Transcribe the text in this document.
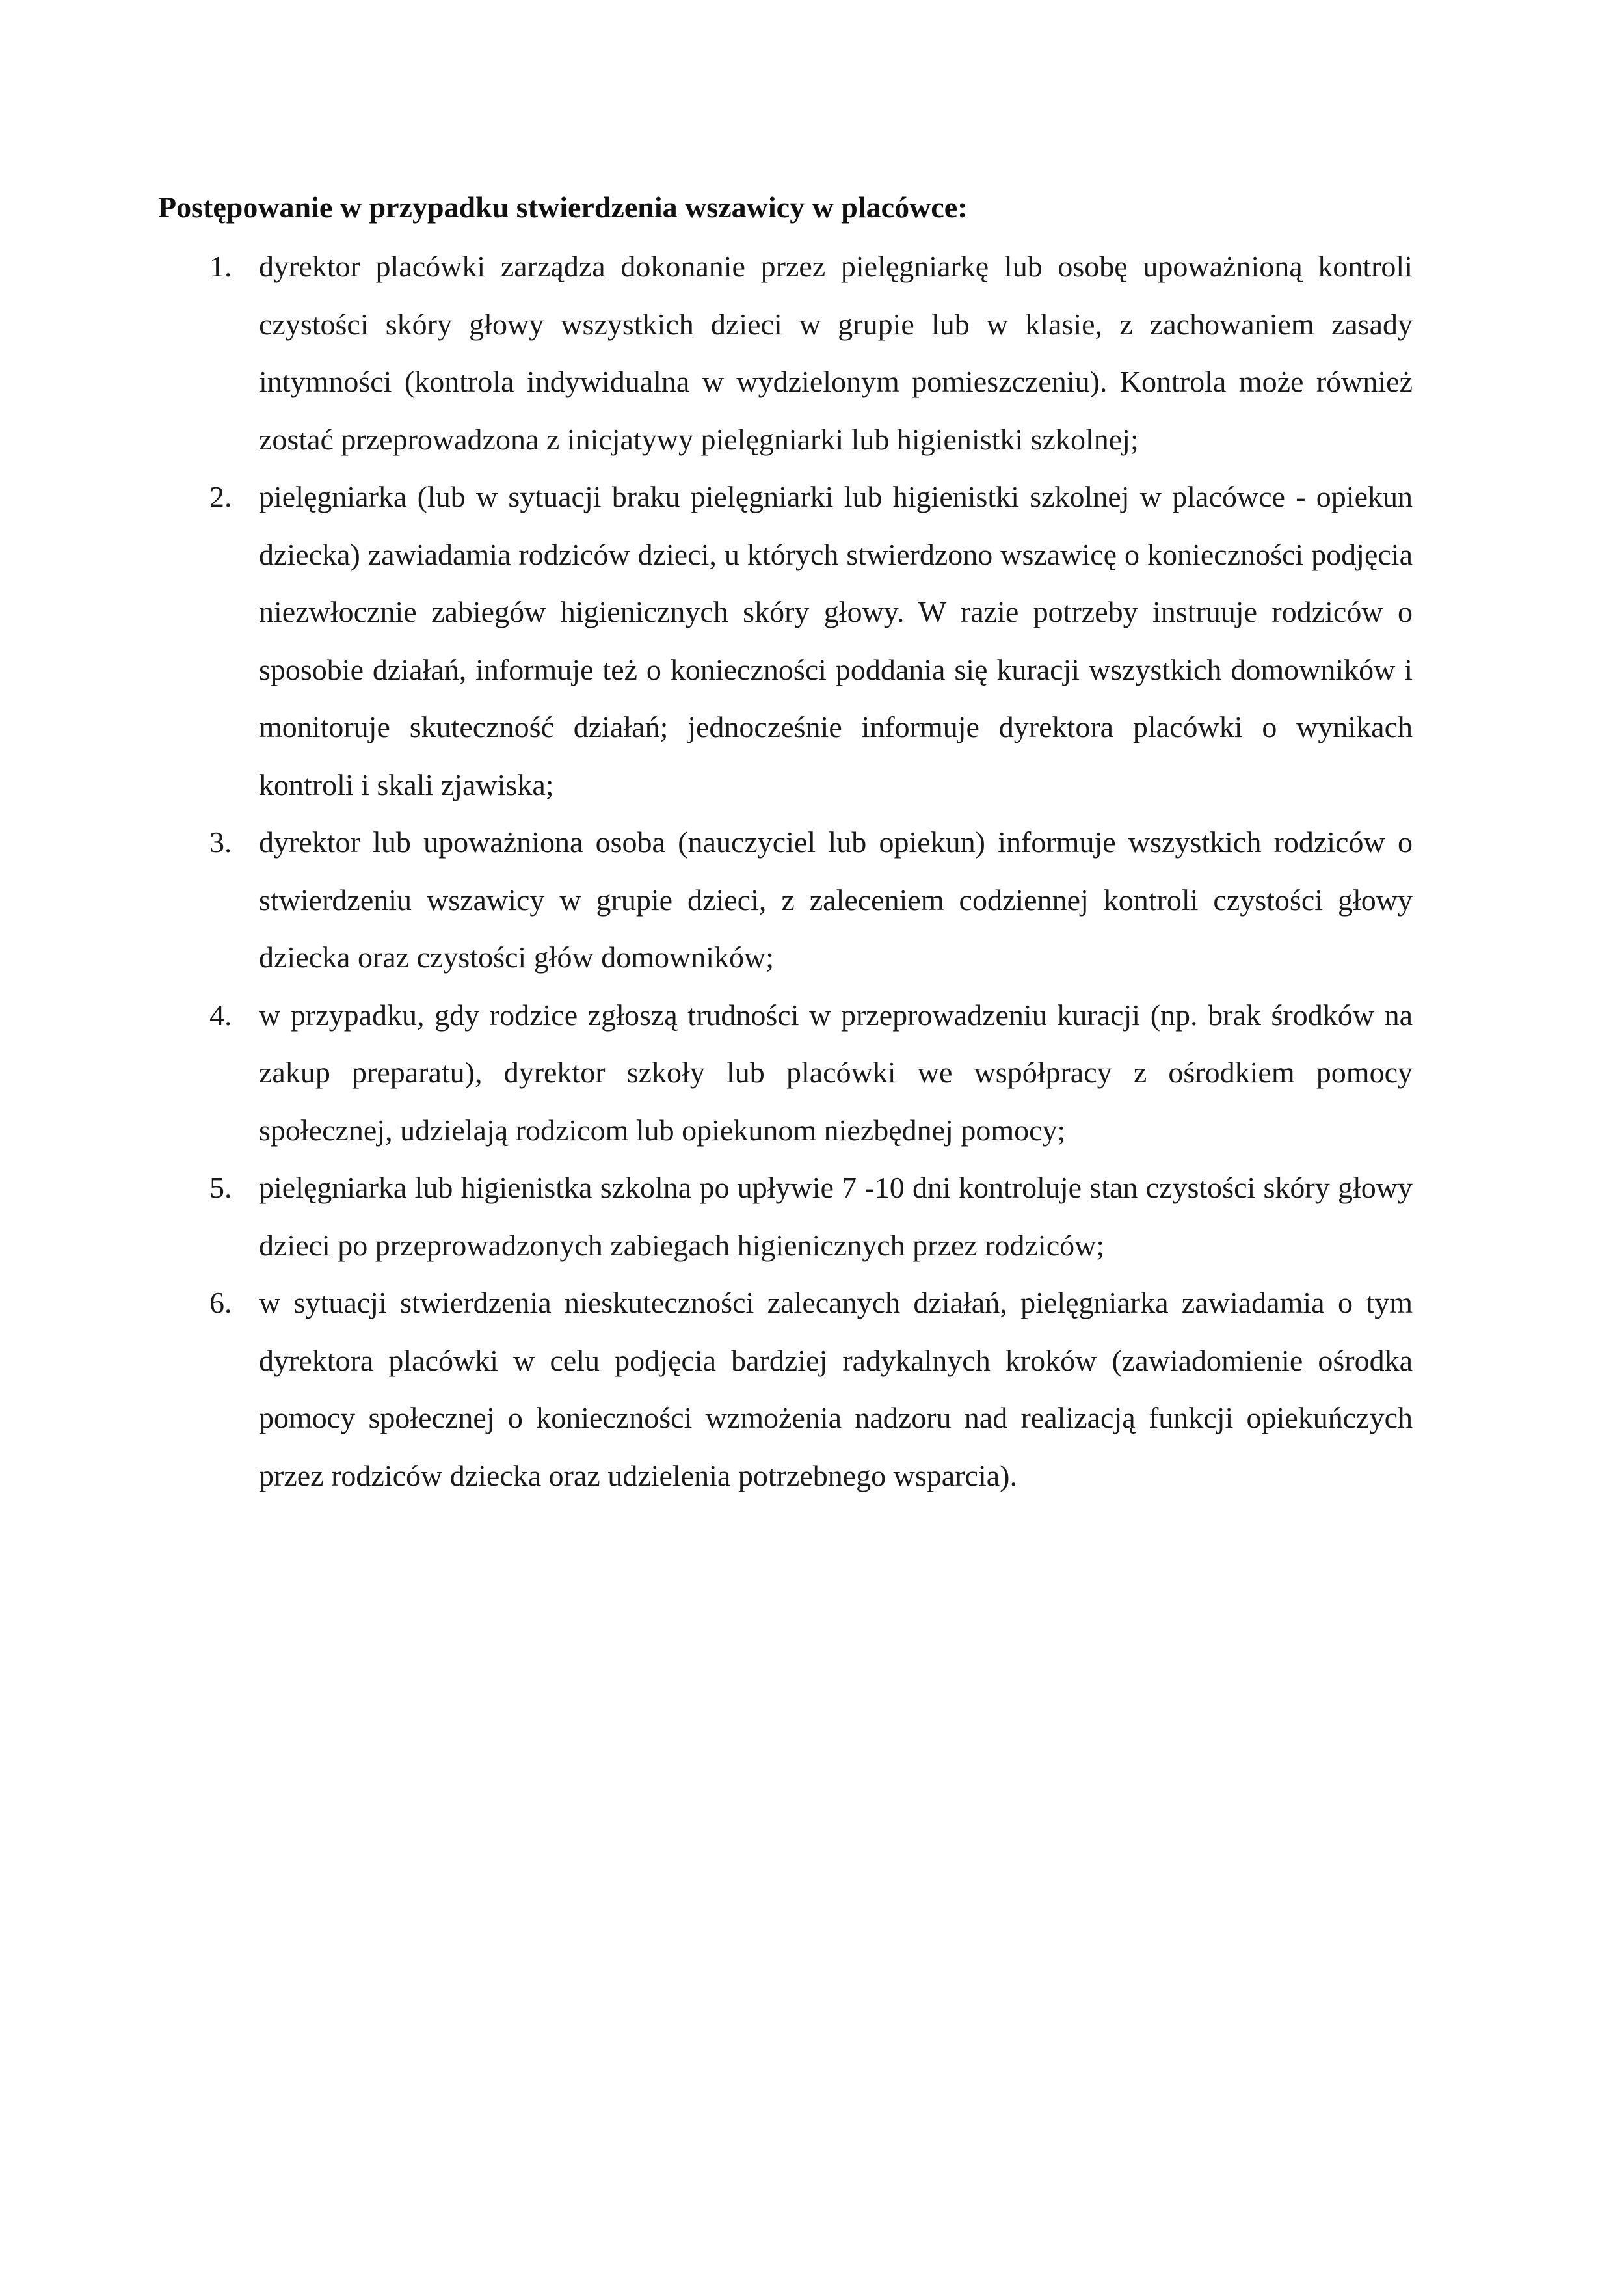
Postępowanie w przypadku stwierdzenia wszawicy w placówce:
1. dyrektor placówki zarządza dokonanie przez pielęgniarkę lub osobę upoważnioną kontroli czystości skóry głowy wszystkich dzieci w grupie lub w klasie, z zachowaniem zasady intymności (kontrola indywidualna w wydzielonym pomieszczeniu). Kontrola może również zostać przeprowadzona z inicjatywy pielęgniarki lub higienistki szkolnej;
2. pielęgniarka (lub w sytuacji braku pielęgniarki lub higienistki szkolnej w placówce - opiekun dziecka) zawiadamia rodziców dzieci, u których stwierdzono wszawicę o konieczności podjęcia niezwłocznie zabiegów higienicznych skóry głowy. W razie potrzeby instruuje rodziców o sposobie działań, informuje też o konieczności poddania się kuracji wszystkich domowników i monitoruje skuteczność działań; jednocześnie informuje dyrektora placówki o wynikach kontroli i skali zjawiska;
3. dyrektor lub upoważniona osoba (nauczyciel lub opiekun) informuje wszystkich rodziców o stwierdzeniu wszawicy w grupie dzieci, z zaleceniem codziennej kontroli czystości głowy dziecka oraz czystości głów domowników;
4. w przypadku, gdy rodzice zgłoszą trudności w przeprowadzeniu kuracji (np. brak środków na zakup preparatu), dyrektor szkoły lub placówki we współpracy z ośrodkiem pomocy społecznej, udzielają rodzicom lub opiekunom niezbędnej pomocy;
5. pielęgniarka lub higienistka szkolna po upływie 7 -10 dni kontroluje stan czystości skóry głowy dzieci po przeprowadzonych zabiegach higienicznych przez rodziców;
6. w sytuacji stwierdzenia nieskuteczności zalecanych działań, pielęgniarka zawiadamia o tym dyrektora placówki w celu podjęcia bardziej radykalnych kroków (zawiadomienie ośrodka pomocy społecznej o konieczności wzmożenia nadzoru nad realizacją funkcji opiekuńczych przez rodziców dziecka oraz udzielenia potrzebnego wsparcia).
